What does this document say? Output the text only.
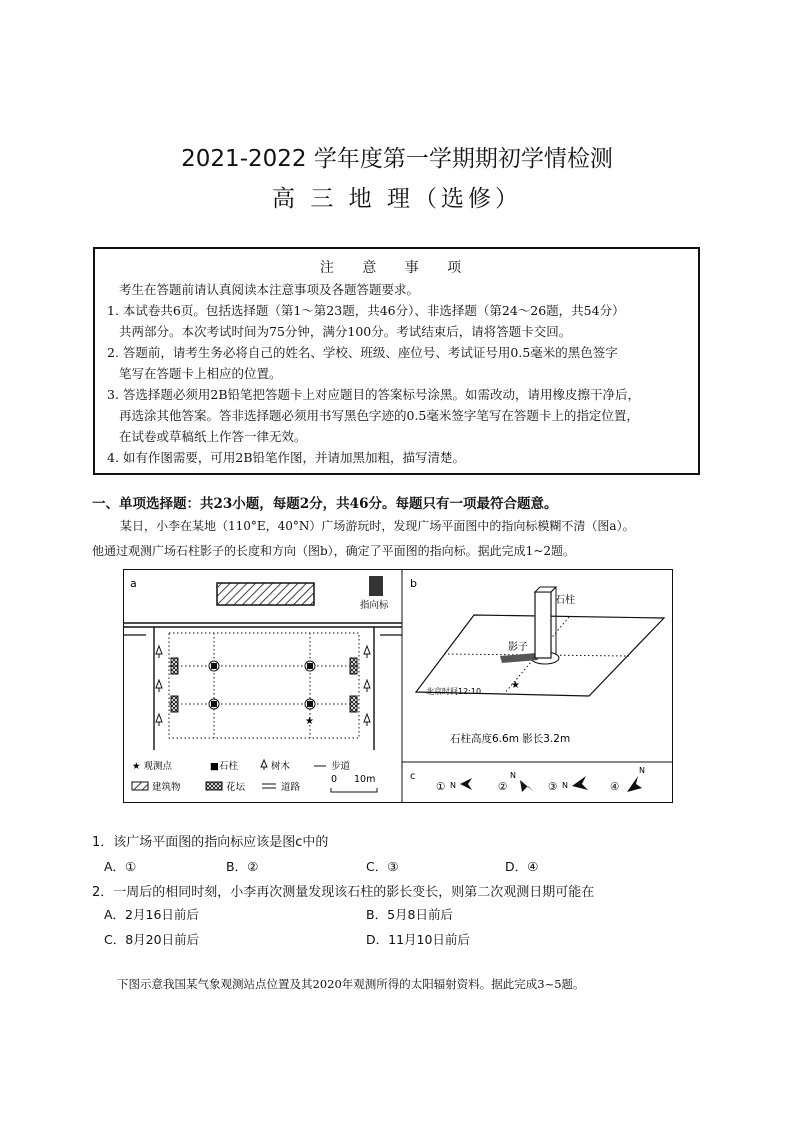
2021-2022 学年度第一学期期初学情检测
高 三 地 理（选修）
注 意 事 项

考生在答题前请认真阅读本注意事项及各题答题要求。

1. 本试卷共6页。包括选择题（第1～第23题，共46分）、非选择题（第24～26题，共54分）

共两部分。本次考试时间为75分钟，满分100分。考试结束后，请将答题卡交回。

2. 答题前，请考生务必将自己的姓名、学校、班级、座位号、考试证号用0.5毫米的黑色签字

笔写在答题卡上相应的位置。

3. 答选择题必须用2B铅笔把答题卡上对应题目的答案标号涂黑。如需改动，请用橡皮擦干净后，

再选涂其他答案。答非选择题必须用书写黑色字迹的0.5毫米签字笔写在答题卡上的指定位置，

在试卷或草稿纸上作答一律无效。

4. 如有作图需要，可用2B铅笔作图，并请加黑加粗，描写清楚。

一、单项选择题：共23小题，每题2分，共46分。每题只有一项最符合题意。
某日，小李在某地（110°E，40°N）广场游玩时，发现广场平面图中的指向标模糊不清（图a）。
他通过观测广场石柱影子的长度和方向（图b），确定了平面图的指向标。据此完成1~2题。
a
指向标
★
★ 观测点	■石柱	树木	步道
建筑物	花坛	道路
0 10m
b
石柱
影子
★
北京时间12:10
石柱高度6.6m 影长3.2m
c
① N	②
N
③ N	④
N
1．该广场平面图的指向标应该是图c中的
A．①	B．②	C．③	D．④
2．一周后的相同时刻，小李再次测量发现该石柱的影长变长，则第二次观测日期可能在
A．2月16日前后	B．5月8日前后
C．8月20日前后	D．11月10日前后
下图示意我国某气象观测站点位置及其2020年观测所得的太阳辐射资料。据此完成3~5题。
